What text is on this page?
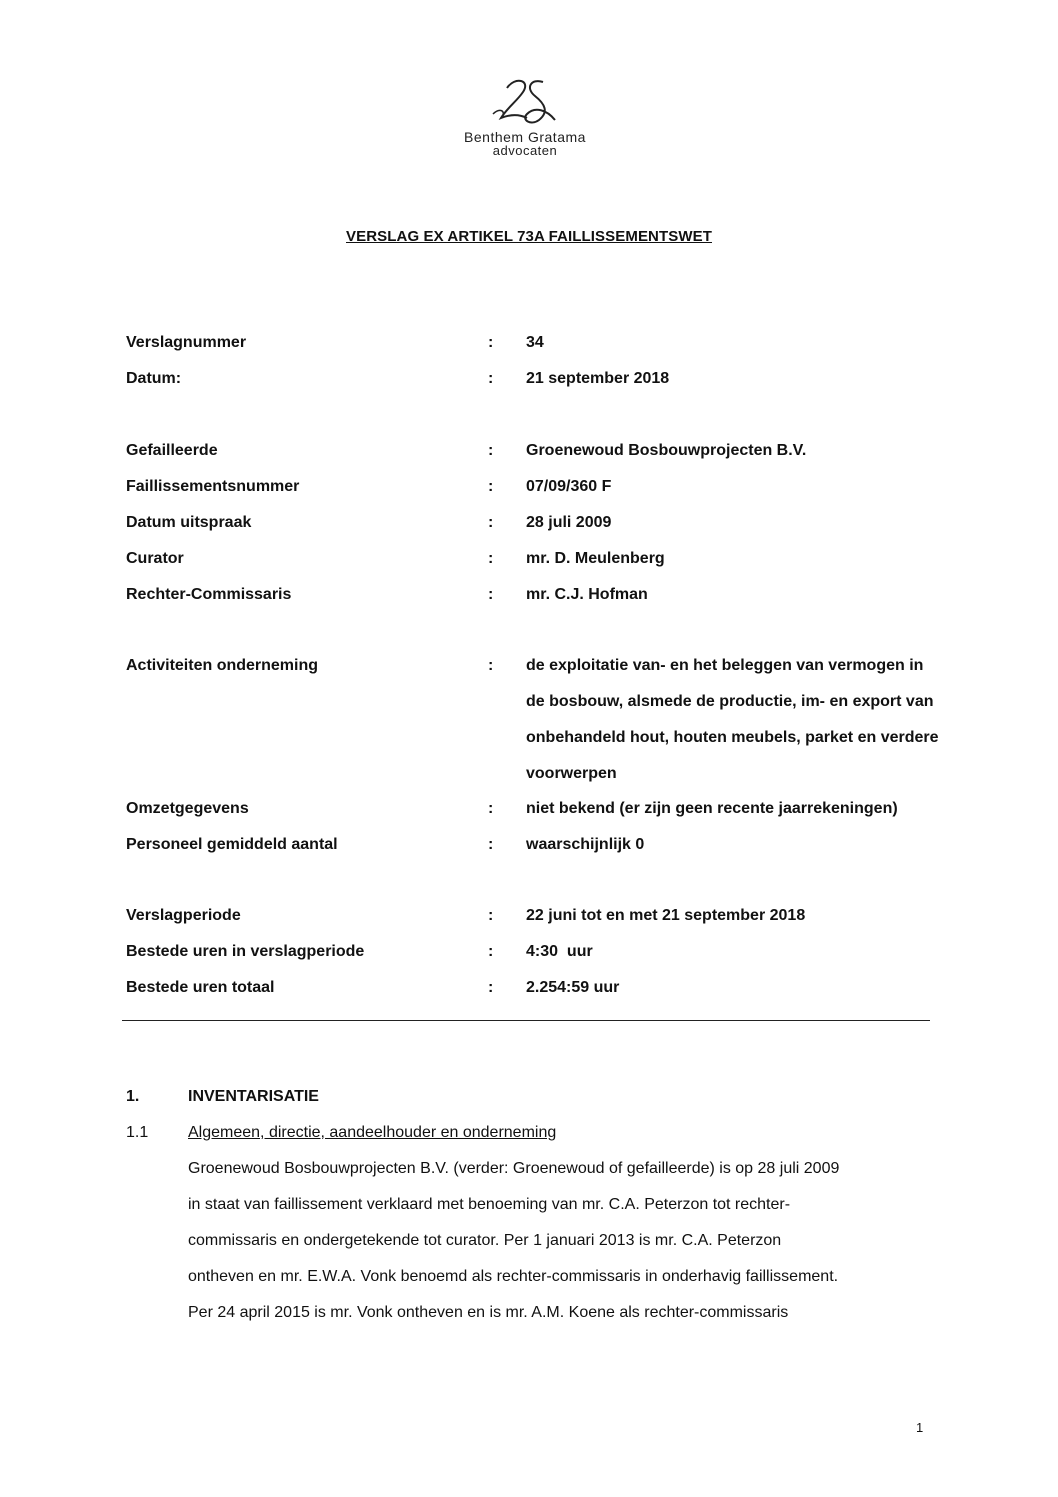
Benthem Gratama
advocaten
VERSLAG EX ARTIKEL 73A FAILLISSEMENTSWET
Verslagnummer	: 34
Datum:	: 21 september 2018
Gefailleerde	: Groenewoud Bosbouwprojecten B.V.
Faillissementsnummer	: 07/09/360 F
Datum uitspraak	: 28 juli 2009
Curator	: mr. D. Meulenberg
Rechter-Commissaris	: mr. C.J. Hofman
Activiteiten onderneming	: de exploitatie van- en het beleggen van vermogen in de bosbouw, alsmede de productie, im- en export van onbehandeld hout, houten meubels, parket en verdere voorwerpen
Omzetgegevens	: niet bekend (er zijn geen recente jaarrekeningen)
Personeel gemiddeld aantal	: waarschijnlijk 0
Verslagperiode	: 22 juni tot en met 21 september 2018
Bestede uren in verslagperiode	: 4:30  uur
Bestede uren totaal	: 2.254:59 uur
1.	INVENTARISATIE
1.1 Algemeen, directie, aandeelhouder en onderneming
Groenewoud Bosbouwprojecten B.V. (verder: Groenewoud of gefailleerde) is op 28 juli 2009
in staat van faillissement verklaard met benoeming van mr. C.A. Peterzon tot rechter-
commissaris en ondergetekende tot curator. Per 1 januari 2013 is mr. C.A. Peterzon
ontheven en mr. E.W.A. Vonk benoemd als rechter-commissaris in onderhavig faillissement.
Per 24 april 2015 is mr. Vonk ontheven en is mr. A.M. Koene als rechter-commissaris
1
